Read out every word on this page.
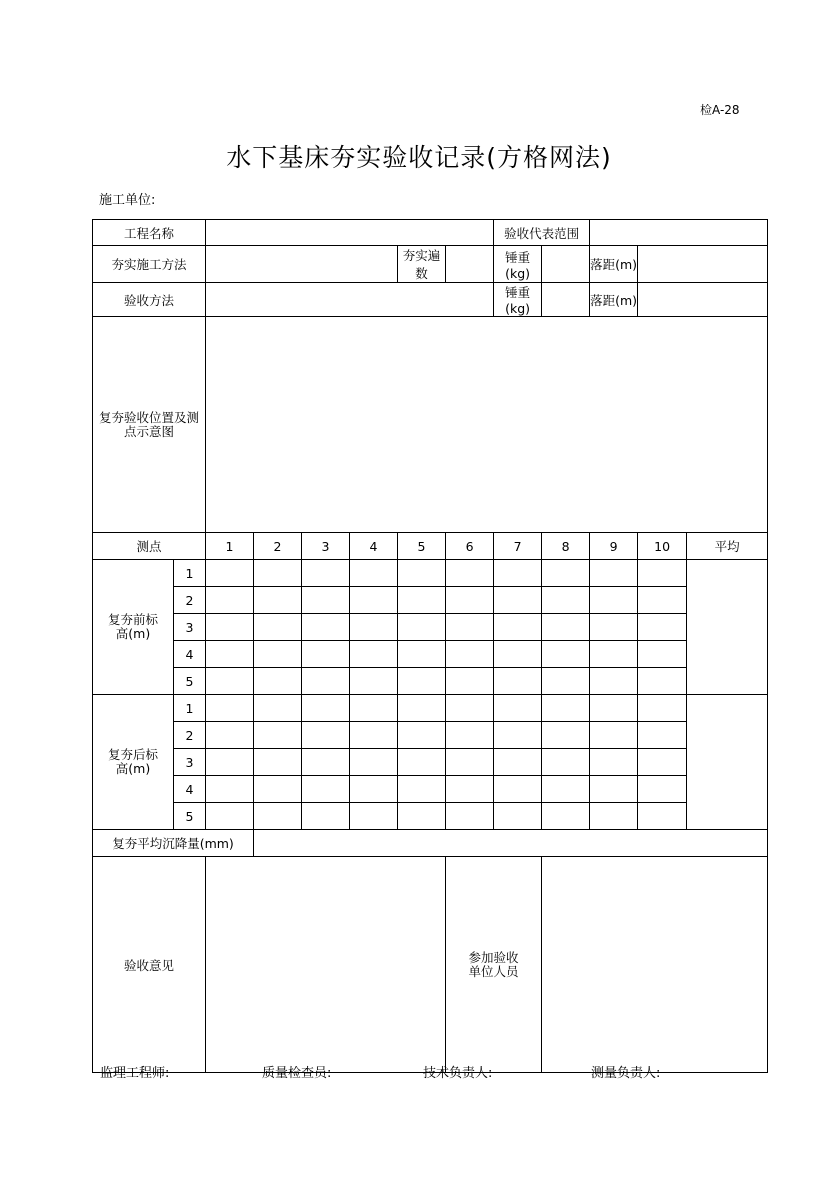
检A-28
水下基床夯实验收记录(方格网法)
施工单位:
工程名称								验收代表范围				
夯实施工方法						夯实遍数		锤重(kg)		落距(m)		
验收方法								锤重(kg)		落距(m)		
复夯验收位置及测点示意图												
测点		1	2	3	4	5	6	7	8	9	10	平均
复夯前标高(m)	1											
	2											
	3											
	4											
	5											
复夯后标高(m)	1											
	2											
	3											
	4											
	5											
复夯平均沉降量(mm)												
验收意见							参加验收单位人员					
监理工程师:	质量检查员:	技术负责人:	测量负责人:
